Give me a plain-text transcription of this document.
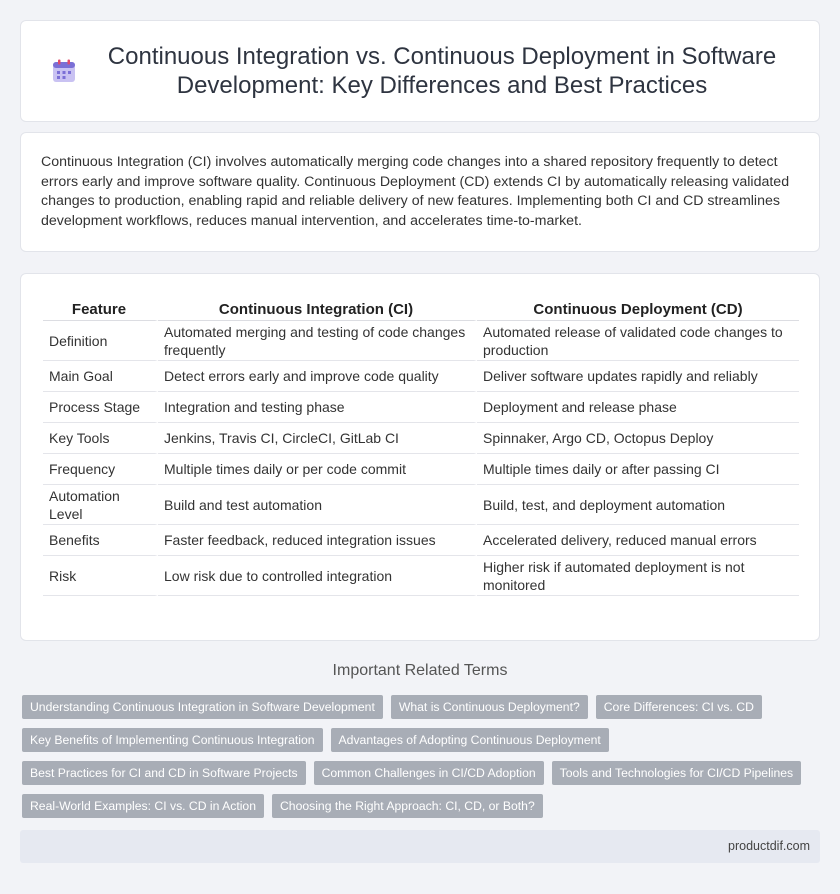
Continuous Integration vs. Continuous Deployment in Software Development: Key Differences and Best Practices

Continuous Integration (CI) involves automatically merging code changes into a shared repository frequently to detect errors early and improve software quality. Continuous Deployment (CD) extends CI by automatically releasing validated changes to production, enabling rapid and reliable delivery of new features. Implementing both CI and CD streamlines development workflows, reduces manual intervention, and accelerates time-to-market.

Feature	Continuous Integration (CI)	Continuous Deployment (CD)
Definition	Automated merging and testing of code changes frequently	Automated release of validated code changes to production
Main Goal	Detect errors early and improve code quality	Deliver software updates rapidly and reliably
Process Stage	Integration and testing phase	Deployment and release phase
Key Tools	Jenkins, Travis CI, CircleCI, GitLab CI	Spinnaker, Argo CD, Octopus Deploy
Frequency	Multiple times daily or per code commit	Multiple times daily or after passing CI
Automation Level	Build and test automation	Build, test, and deployment automation
Benefits	Faster feedback, reduced integration issues	Accelerated delivery, reduced manual errors
Risk	Low risk due to controlled integration	Higher risk if automated deployment is not monitored
Important Related Terms
Understanding Continuous Integration in Software Development	What is Continuous Deployment?	Core Differences: CI vs. CD
Key Benefits of Implementing Continuous Integration	Advantages of Adopting Continuous Deployment
Best Practices for CI and CD in Software Projects	Common Challenges in CI/CD Adoption	Tools and Technologies for CI/CD Pipelines
Real-World Examples: CI vs. CD in Action	Choosing the Right Approach: CI, CD, or Both?
productdif.com
